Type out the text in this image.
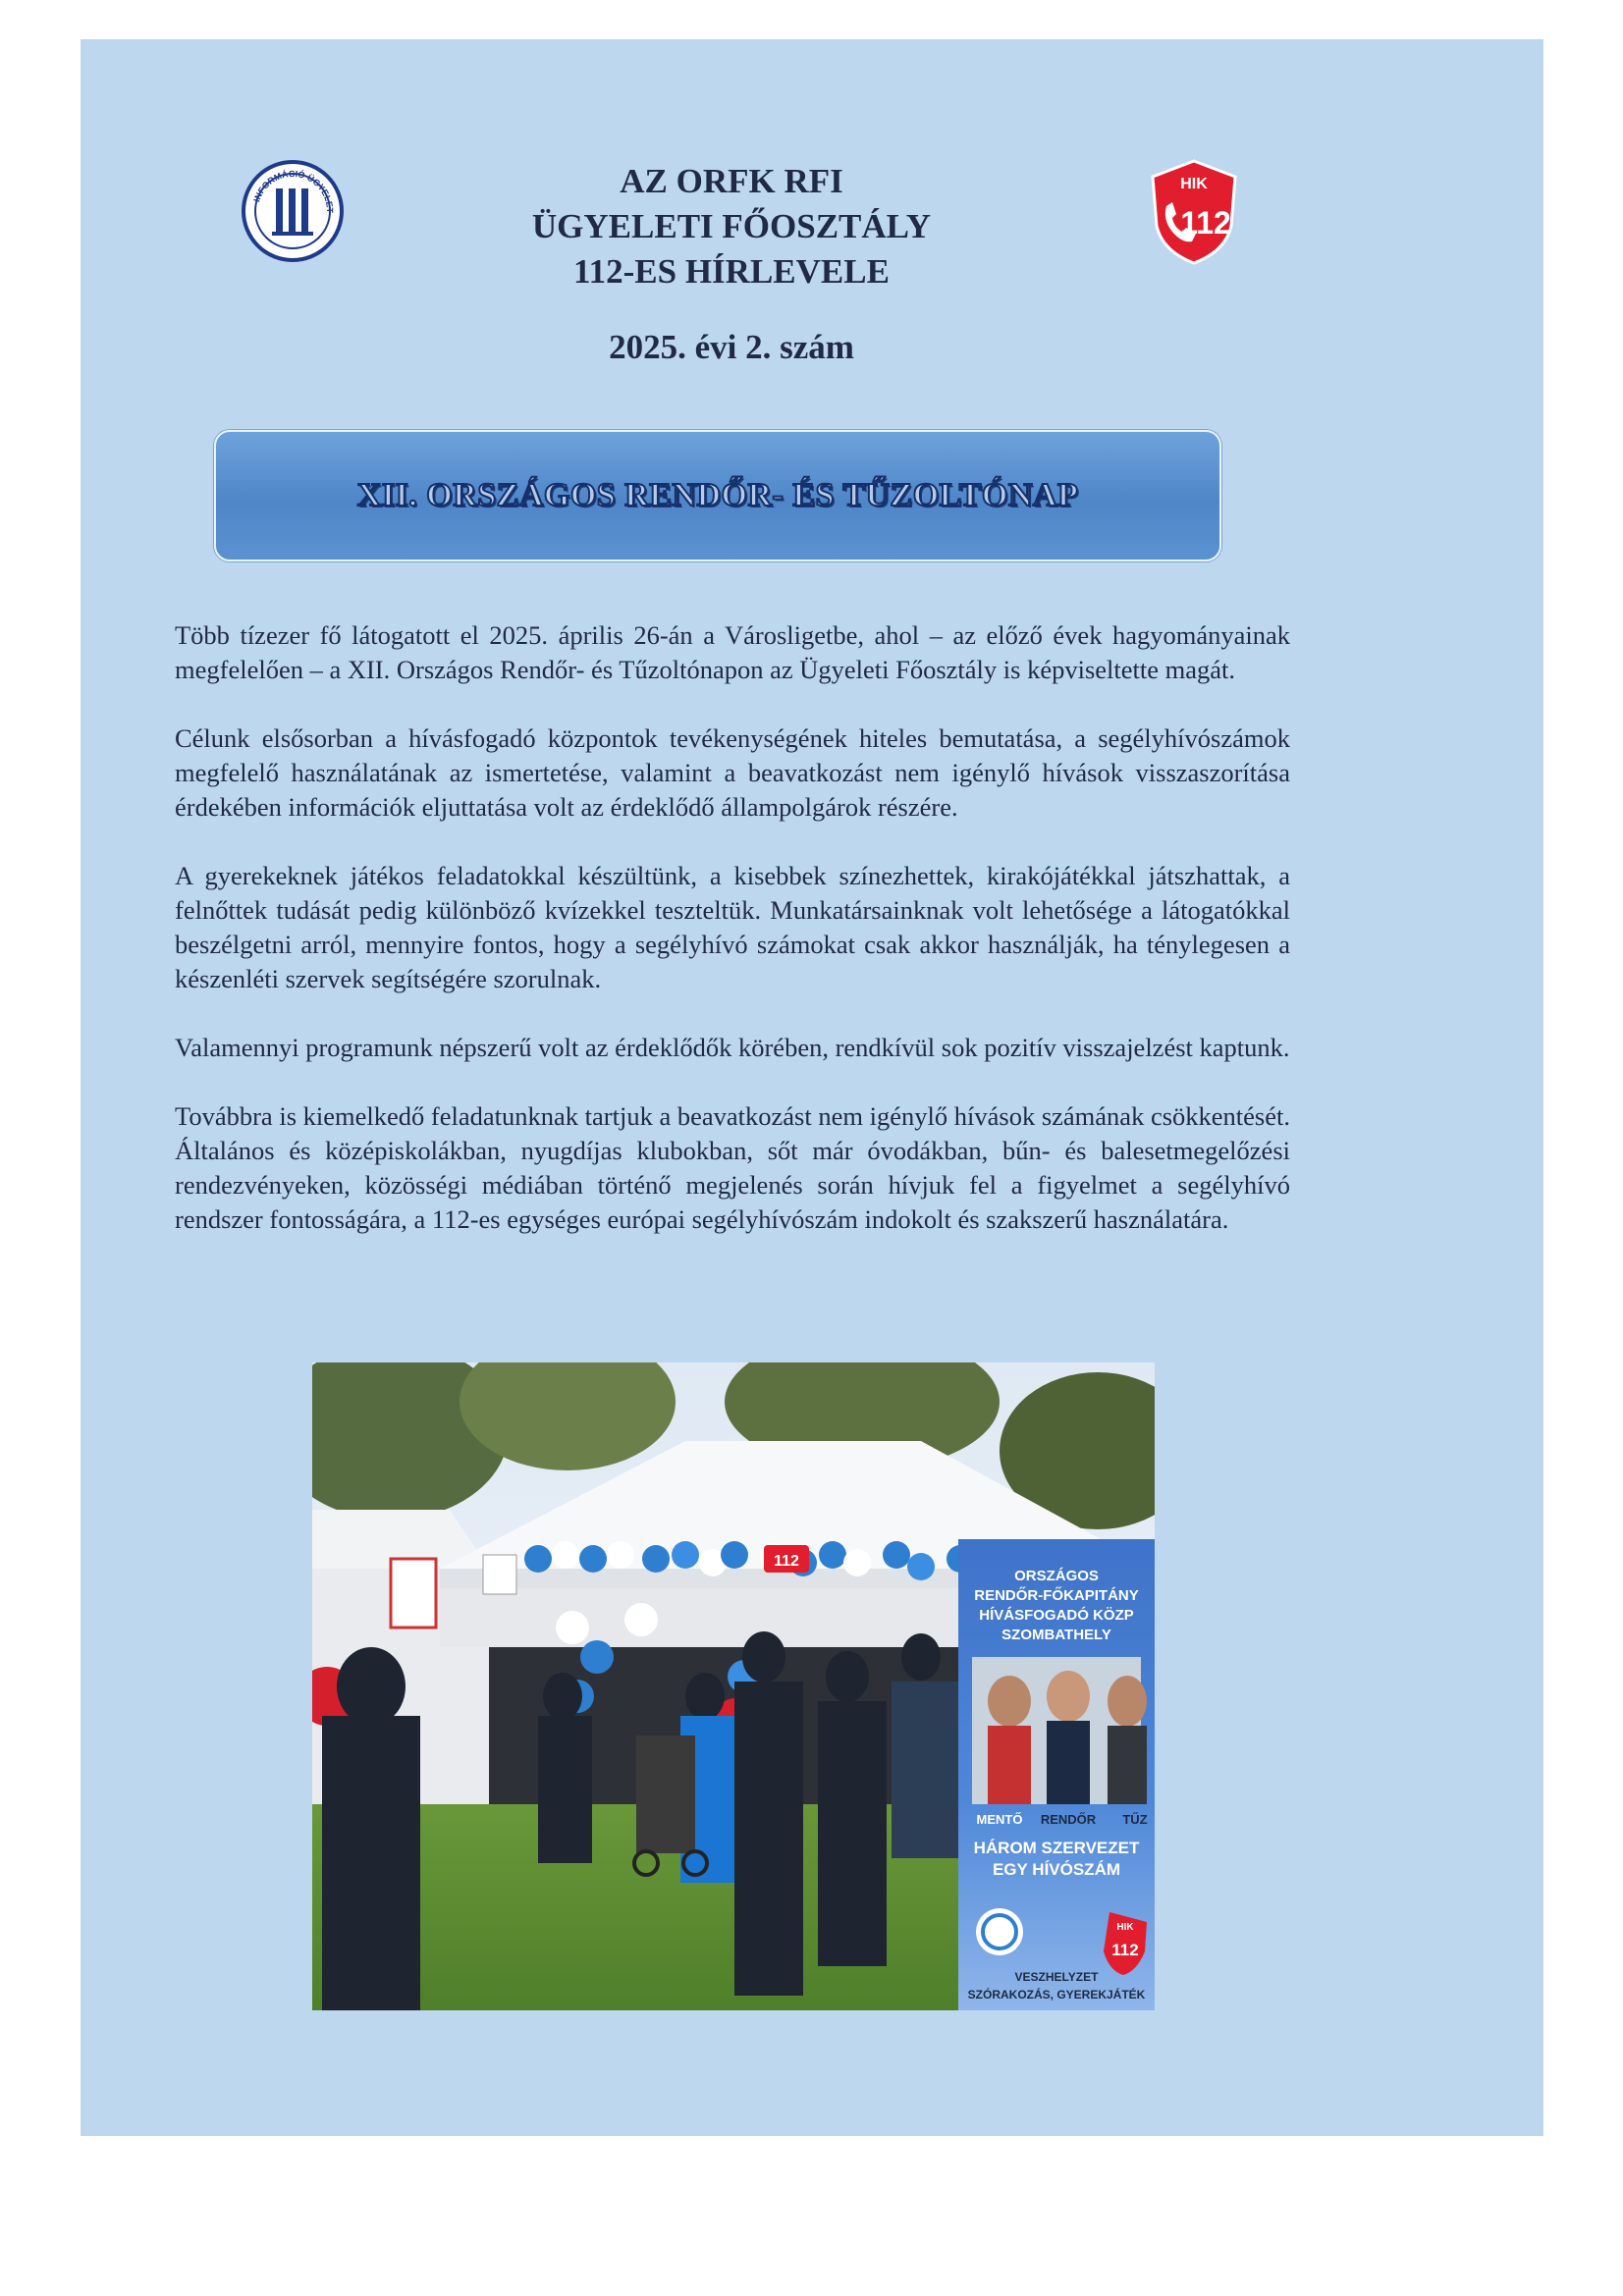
INFORMÁCIÓ ÜGYELET
HIK
112
AZ ORFK RFI
ÜGYELETI FŐOSZTÁLY
112-ES HÍRLEVELE
2025. évi 2. szám
XII. ORSZÁGOS RENDŐR- ÉS TŰZOLTÓNAP

Több tízezer fő látogatott el 2025. április 26-án a Városligetbe, ahol – az előző évek hagyományainak megfelelően – a XII. Országos Rendőr- és Tűzoltónapon az Ügyeleti Főosztály is képviseltette magát.

Célunk elsősorban a hívásfogadó központok tevékenységének hiteles bemutatása, a segélyhívószámok megfelelő használatának az ismertetése, valamint a beavatkozást nem igénylő hívások visszaszorítása érdekében információk eljuttatása volt az érdeklődő állampolgárok részére.

A gyerekeknek játékos feladatokkal készültünk, a kisebbek színezhettek, kirakójátékkal játszhattak, a felnőttek tudását pedig különböző kvízekkel teszteltük. Munkatársainknak volt lehetősége a látogatókkal beszélgetni arról, mennyire fontos, hogy a segélyhívó számokat csak akkor használják, ha ténylegesen a készenléti szervek segítségére szorulnak.

Valamennyi programunk népszerű volt az érdeklődők körében, rendkívül sok pozitív visszajelzést kaptunk.

Továbbra is kiemelkedő feladatunknak tartjuk a beavatkozást nem igénylő hívások számának csökkentését. Általános és középiskolákban, nyugdíjas klubokban, sőt már óvodákban, bűn- és balesetmegelőzési rendezvényeken, közösségi médiában történő megjelenés során hívjuk fel a figyelmet a segélyhívó rendszer fontosságára, a 112-es egységes európai segélyhívószám indokolt és szakszerű használatára.

112
ORSZÁGOS
RENDŐR-FŐKAPITÁNY
HÍVÁSFOGADÓ KÖZP
SZOMBATHELY
MENTŐ RENDŐR TŰZ
HÁROM SZERVEZET
EGY HÍVÓSZÁM
HIK
112
VESZHELYZET
SZÓRAKOZÁS, GYEREKJÁTÉK
